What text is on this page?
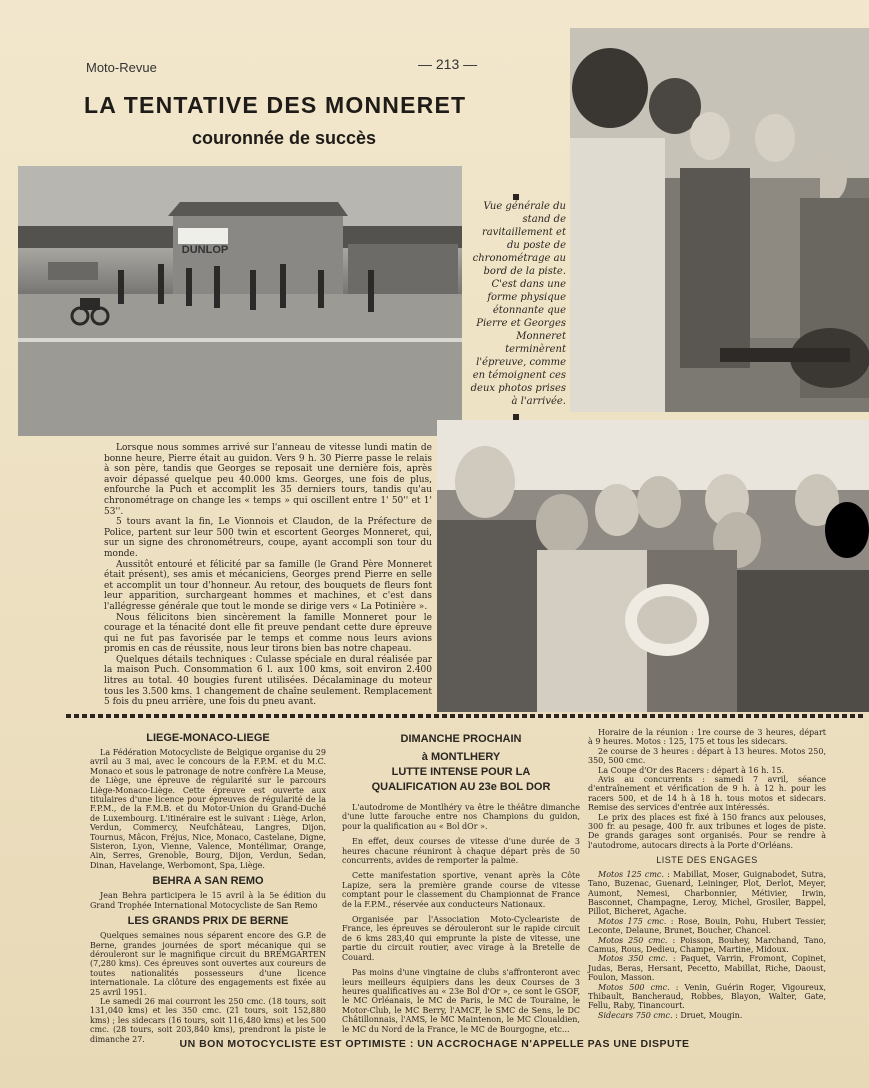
Moto-Revue	— 213 —
LA TENTATIVE DES MONNERET
couronnée de succès
DUNLOP
Vue générale du stand de ravitaillement et du poste de chronométrage au bord de la piste. C'est dans une forme physique étonnante que Pierre et Georges Monneret terminèrent l'épreuve, comme en témoignent ces deux photos prises à l'arrivée.

Lorsque nous sommes arrivé sur l'anneau de vitesse lundi matin de bonne heure, Pierre était au guidon. Vers 9 h. 30 Pierre passe le relais à son père, tandis que Georges se reposait une dernière fois, après avoir dépassé quelque peu 40.000 kms. Georges, une fois de plus, enfourche la Puch et accomplit les 35 derniers tours, tandis qu'au chronométrage on change les « temps » qui oscillent entre 1' 50'' et 1' 53''.

5 tours avant la fin, Le Vionnois et Claudon, de la Préfecture de Police, partent sur leur 500 twin et escortent Georges Monneret, qui, sur un signe des chronométreurs, coupe, ayant accompli son tour du monde.

Aussitôt entouré et félicité par sa famille (le Grand Père Monneret était présent), ses amis et mécaniciens, Georges prend Pierre en selle et accomplit un tour d'honneur. Au retour, des bouquets de fleurs font leur apparition, surchargeant hommes et machines, et c'est dans l'allégresse générale que tout le monde se dirige vers « La Potinière ».

Nous félicitons bien sincèrement la famille Monneret pour le courage et la ténacité dont elle fit preuve pendant cette dure épreuve qui ne fut pas favorisée par le temps et comme nous leurs avions promis en cas de réussite, nous leur tirons bien bas notre chapeau.

Quelques détails techniques : Culasse spéciale en dural réalisée par la maison Puch. Consommation 6 l. aux 100 kms, soit environ 2.400 litres au total. 40 bougies furent utilisées. Décalaminage du moteur tous les 3.500 kms. 1 changement de chaîne seulement. Remplacement 5 fois du pneu arrière, une fois du pneu avant.

LIEGE-MONACO-LIEGE

La Fédération Motocycliste de Belgique organise du 29 avril au 3 mai, avec le concours de la F.P.M. et du M.C. Monaco et sous le patronage de notre confrère La Meuse, de Liège, une épreuve de régularité sur le parcours Liège-Monaco-Liège. Cette épreuve est ouverte aux titulaires d'une licence pour épreuves de régularité de la F.P.M., de la F.M.B. et du Motor-Union du Grand-Duché de Luxembourg. L'itinéraire est le suivant : Liège, Arlon, Verdun, Commercy, Neufchâteau, Langres, Dijon, Tournus, Mâcon, Fréjus, Nice, Monaco, Castelane, Digne, Sisteron, Lyon, Vienne, Valence, Montélimar, Orange, Ain, Serres, Grenoble, Bourg, Dijon, Verdun, Sedan, Dinan, Havelange, Werbomont, Spa, Liège.

BEHRA A SAN REMO

Jean Behra participera le 15 avril à la 5e édition du Grand Trophée International Motocycliste de San Remo

LES GRANDS PRIX DE BERNE

Quelques semaines nous séparent encore des G.P. de Berne, grandes journées de sport mécanique qui se dérouleront sur le magnifique circuit du BREMGARTEN (7,280 kms). Ces épreuves sont ouvertes aux coureurs de toutes nationalités possesseurs d'une licence internationale. La clôture des engagements est fixée au 25 avril 1951.

Le samedi 26 mai courront les 250 cmc. (18 tours, soit 131,040 kms) et les 350 cmc. (21 tours, soit 152,880 kms) ; les sidecars (16 tours, soit 116,480 kms) et les 500 cmc. (28 tours, soit 203,840 kms), prendront la piste le dimanche 27.

DIMANCHE PROCHAIN
à MONTLHERY
LUTTE INTENSE POUR LA
QUALIFICATION AU 23e BOL DOR

L'autodrome de Montlhéry va être le théâtre dimanche d'une lutte farouche entre nos Champions du guidon, pour la qualification au « Bol dOr ».

En effet, deux courses de vitesse d'une durée de 3 heures chacune réuniront à chaque départ près de 50 concurrents, avides de remporter la palme.

Cette manifestation sportive, venant après la Côte Lapize, sera la première grande course de vitesse comptant pour le classement du Championnat de France de la F.P.M., réservée aux conducteurs Nationaux.

Organisée par l'Association Moto-Cycleariste de France, les épreuves se dérouleront sur le rapide circuit de 6 kms 283,40 qui emprunte la piste de vitesse, une partie du circuit routier, avec virage à la Bretelle de Couard.

Pas moins d'une vingtaine de clubs s'affronteront avec leurs meilleurs équipiers dans les deux Courses de 3 heures qualificatives au « 23e Bol d'Or », ce sont le GSOF, le MC Orléanais, le MC de Paris, le MC de Touraine, le Motor-Club, le MC Berry, l'AMCF, le SMC de Sens, le DC Châtillonnais, l'AMS, le MC Maintenon, le MC Cloualdien, le MC du Nord de la France, le MC de Bourgogne, etc...

Horaire de la réunion : 1re course de 3 heures, départ à 9 heures. Motos : 125, 175 et tous les sidecars.

2e course de 3 heures : départ à 13 heures. Motos 250, 350, 500 cmc.

La Coupe d'Or des Racers : départ à 16 h. 15.

Avis au concurrents : samedi 7 avril, séance d'entraînement et vérification de 9 h. à 12 h. pour les racers 500, et de 14 h à 18 h. tous motos et sidecars. Remise des services d'entrée aux intéressés.

Le prix des places est fixé à 150 francs aux pelouses, 300 fr. au pesage, 400 fr. aux tribunes et loges de piste. De grands garages sont organisés. Pour se rendre à l'autodrome, autocars directs à la Porte d'Orléans.

LISTE DES ENGAGES

Motos 125 cmc. : Mabillat, Moser, Guignabodet, Sutra, Tano, Buzenac, Guenard, Leininger, Plot, Derlot, Meyer, Aumont, Nemesi, Charbonnier, Métivier, Irwin, Basconnet, Champagne, Leroy, Michel, Grosiler, Bappel, Pillot, Bicheret, Agache.

Motos 175 cmc. : Rose, Bouin, Pohu, Hubert Tessier, Leconte, Delaune, Brunet, Boucher, Chancel.

Motos 250 cmc. : Poisson, Bouhey, Marchand, Tano, Camus, Rous, Dedieu, Champe, Martine, Midoux.

Motos 350 cmc. : Paquet, Varrin, Fromont, Copinet, Judas, Beras, Hersant, Pecetto, Mabillat, Riche, Daoust, Foulon, Masson.

Motos 500 cmc. : Venin, Guérin Roger, Vigoureux, Thibault, Bancheraud, Robbes, Blayon, Walter, Gate, Fellu, Raby, Tinancourt.

Sidecars 750 cmc. : Druet, Mougin.

UN BON MOTOCYCLISTE EST OPTIMISTE : UN ACCROCHAGE N'APPELLE PAS UNE DISPUTE
